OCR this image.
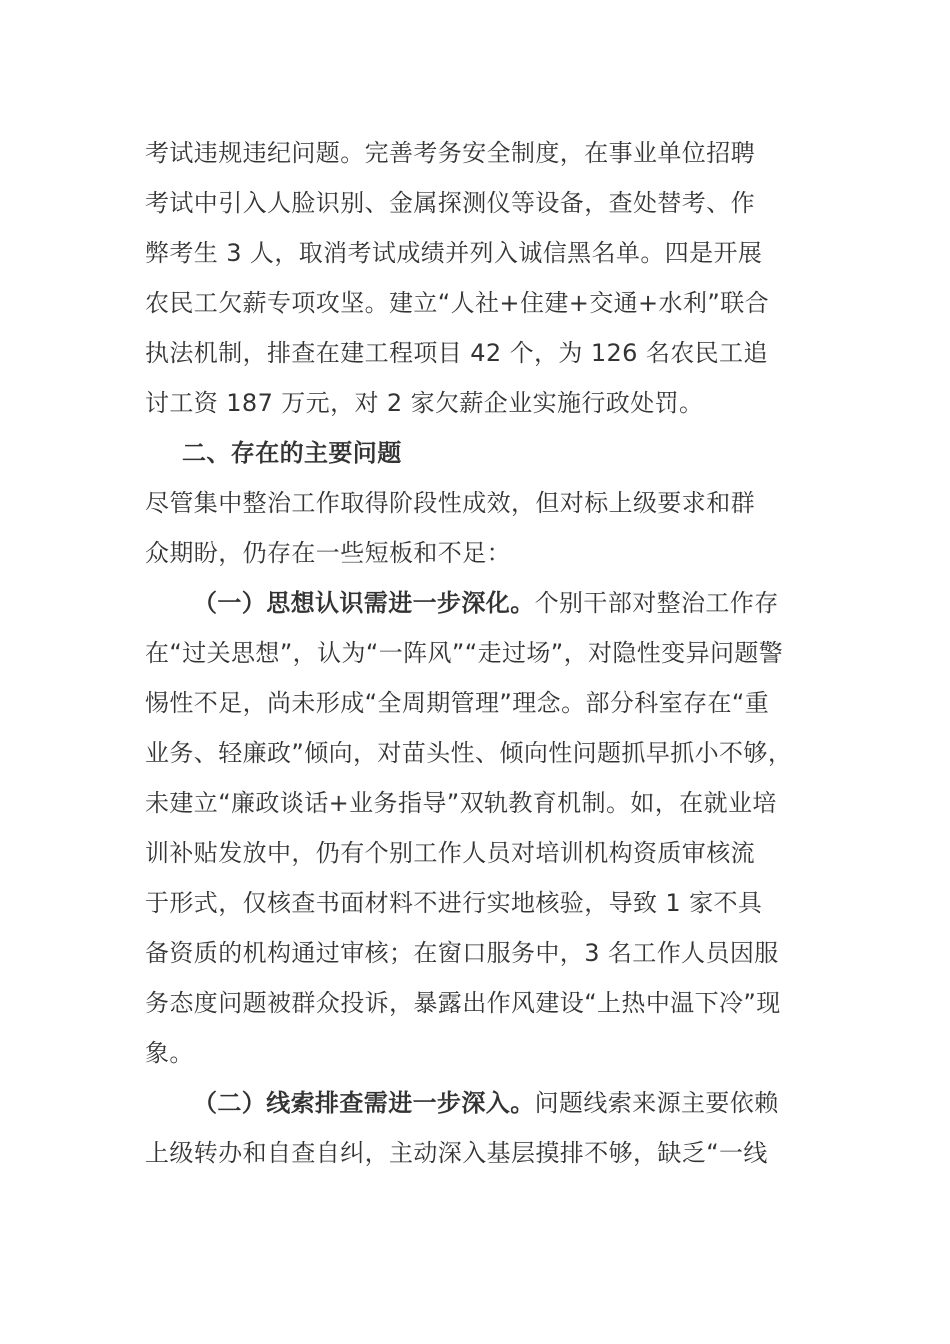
考试违规违纪问题。完善考务安全制度，在事业单位招聘
考试中引入人脸识别、金属探测仪等设备，查处替考、作
弊考生 3 人，取消考试成绩并列入诚信黑名单。四是开展
农民工欠薪专项攻坚。建立“人社+住建+交通+水利”联合
执法机制，排查在建工程项目 42 个，为 126 名农民工追
讨工资 187 万元，对 2 家欠薪企业实施行政处罚。
二、存在的主要问题
尽管集中整治工作取得阶段性成效，但对标上级要求和群
众期盼，仍存在一些短板和不足：
（一）思想认识需进一步深化。个别干部对整治工作存
在“过关思想”，认为“一阵风”“走过场”，对隐性变异问题警
惕性不足，尚未形成“全周期管理”理念。部分科室存在“重
业务、轻廉政”倾向，对苗头性、倾向性问题抓早抓小不够，
未建立“廉政谈话+业务指导”双轨教育机制。如，在就业培
训补贴发放中，仍有个别工作人员对培训机构资质审核流
于形式，仅核查书面材料不进行实地核验，导致 1 家不具
备资质的机构通过审核；在窗口服务中，3 名工作人员因服
务态度问题被群众投诉，暴露出作风建设“上热中温下冷”现
象。
（二）线索排查需进一步深入。问题线索来源主要依赖
上级转办和自查自纠，主动深入基层摸排不够，缺乏“一线
